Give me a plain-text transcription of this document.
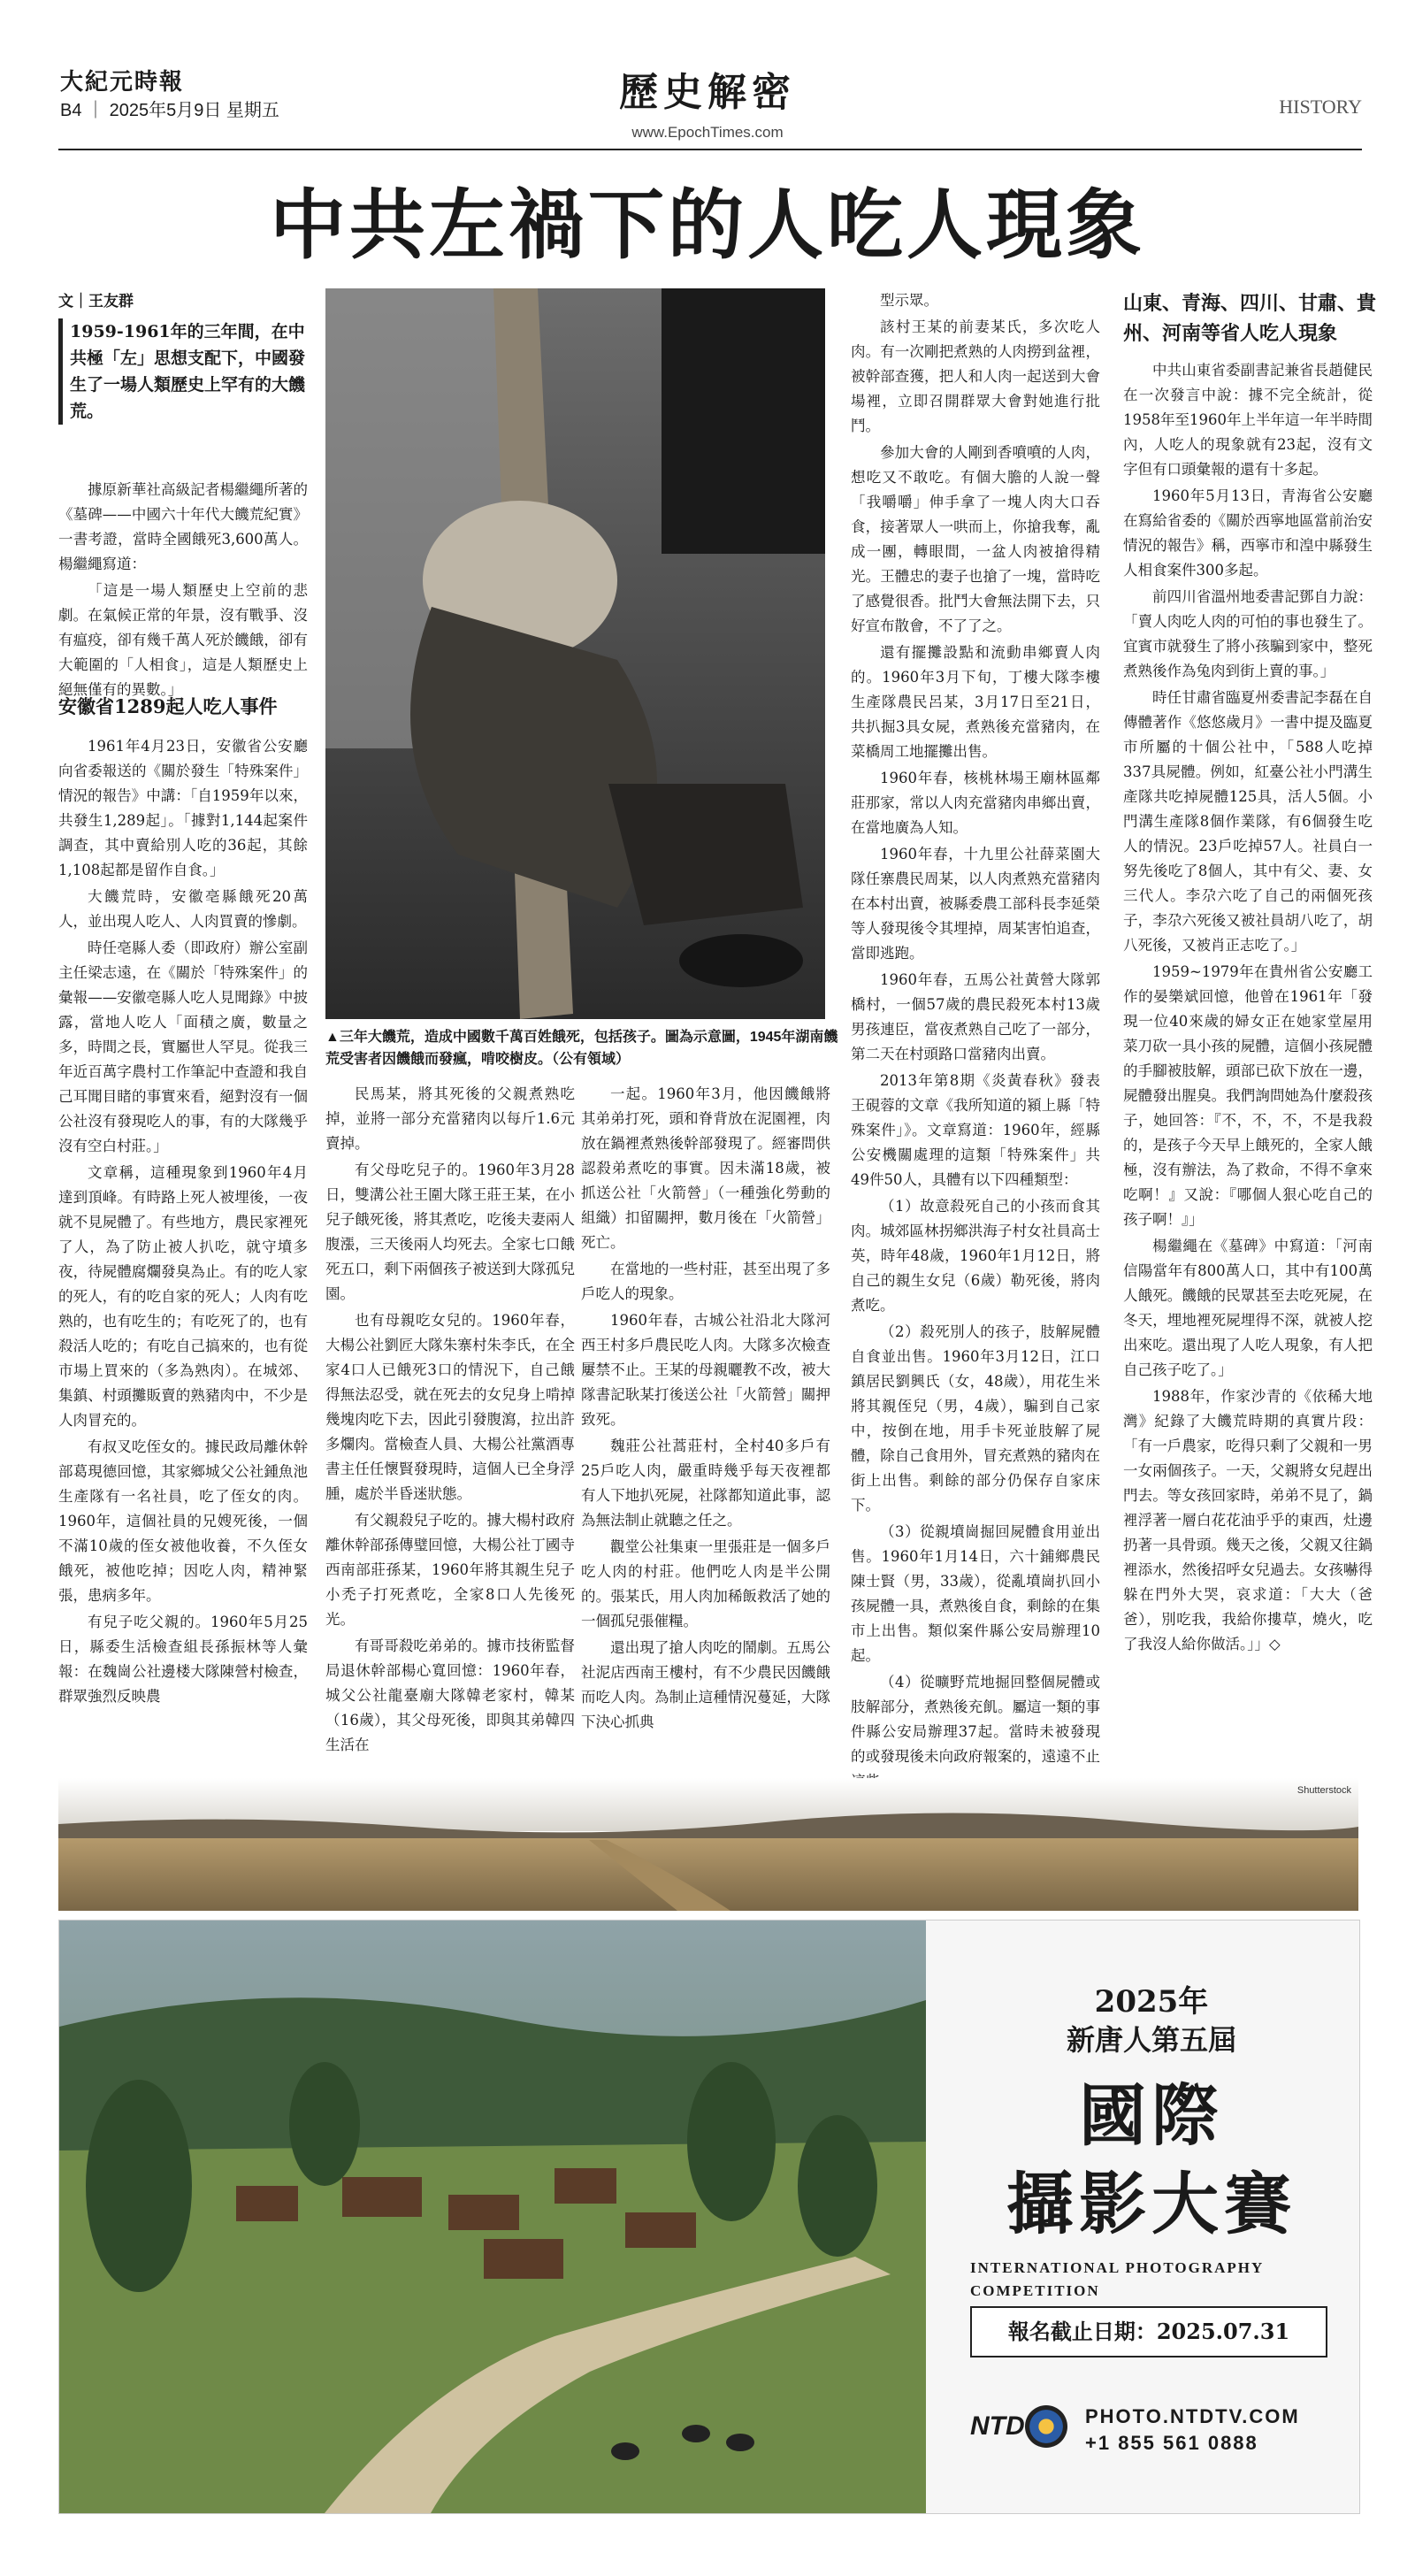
大紀元時報
B4 ｜ 2025年5月9日 星期五	歷史解密
www.EpochTimes.com
HISTORY
中共左禍下的人吃人現象
文｜王友群
1959-1961年的三年間，在中共極「左」思想支配下，中國發生了一場人類歷史上罕有的大饑荒。

據原新華社高級記者楊繼繩所著的《墓碑——中國六十年代大饑荒紀實》一書考證，當時全國餓死3,600萬人。楊繼繩寫道：

「這是一場人類歷史上空前的悲劇。在氣候正常的年景，沒有戰爭、沒有瘟疫，卻有幾千萬人死於饑餓，卻有大範圍的「人相食」，這是人類歷史上絕無僅有的異數。」

安徽省1289起人吃人事件

1961年4月23日，安徽省公安廳向省委報送的《關於發生「特殊案件」情況的報告》中講：「自1959年以來，共發生1,289起」。「據對1,144起案件調查，其中賣給別人吃的36起，其餘1,108起都是留作自食。」

大饑荒時，安徽亳縣餓死20萬人，並出現人吃人、人肉買賣的慘劇。

時任亳縣人委（即政府）辦公室副主任梁志遠，在《關於「特殊案件」的彙報——安徽亳縣人吃人見聞錄》中披露，當地人吃人「面積之廣，數量之多，時間之長，實屬世人罕見。從我三年近百萬字農村工作筆記中查證和我自己耳聞目睹的事實來看，絕對沒有一個公社沒有發現吃人的事，有的大隊幾乎沒有空白村莊。」

文章稱，這種現象到1960年4月達到頂峰。有時路上死人被埋後，一夜就不見屍體了。有些地方，農民家裡死了人，為了防止被人扒吃，就守墳多夜，待屍體腐爛發臭為止。有的吃人家的死人，有的吃自家的死人；人肉有吃熟的，也有吃生的；有吃死了的，也有殺活人吃的；有吃自己搞來的，也有從市場上買來的（多為熟肉）。在城郊、集鎮、村頭攤販賣的熟豬肉中，不少是人肉冒充的。

有叔叉吃侄女的。據民政局離休幹部葛現德回憶，其家鄉城父公社鍾魚池生產隊有一名社員，吃了侄女的肉。1960年，這個社員的兄嫂死後，一個不滿10歲的侄女被他收養，不久侄女餓死，被他吃掉；因吃人肉，精神緊張，患病多年。

有兒子吃父親的。1960年5月25日，縣委生活檢查組長孫振林等人彙報：在魏崗公社邊楼大隊陳營村檢查，群眾強烈反映農

▲三年大饑荒，造成中國數千萬百姓餓死，包括孩子。圖為示意圖，1945年湖南饑荒受害者因饑餓而發瘋，啃咬樹皮。（公有領域）

民馬某，將其死後的父親煮熟吃掉，並將一部分充當豬肉以每斤1.6元賣掉。

有父母吃兒子的。1960年3月28日，雙溝公社王圍大隊王莊王某，在小兒子餓死後，將其煮吃，吃後夫妻兩人腹漲，三天後兩人均死去。全家七口餓死五口，剩下兩個孩子被送到大隊孤兒園。

也有母親吃女兒的。1960年春，大楊公社劉匠大隊朱寨村朱李氏，在全家4口人已餓死3口的情況下，自己餓得無法忍受，就在死去的女兒身上啃掉幾塊肉吃下去，因此引發腹瀉，拉出許多爛肉。當檢查人員、大楊公社黨酒專書主任任懷賢發現時，這個人已全身浮腫，處於半昏迷狀態。

有父親殺兒子吃的。據大楊村政府離休幹部孫傳璧回憶，大楊公社丁國寺西南部莊孫某，1960年將其親生兒子小禿子打死煮吃，全家8口人先後死光。

有哥哥殺吃弟弟的。據市技術監督局退休幹部楊心寬回憶：1960年春，城父公社龍臺廟大隊韓老家村，韓某（16歲），其父母死後，即與其弟韓四生活在

一起。1960年3月，他因饑餓將其弟弟打死，頭和脊背放在泥園裡，肉放在鍋裡煮熟後幹部發現了。經審問供認殺弟煮吃的事實。因未滿18歲，被抓送公社「火箭營」（一種強化勞動的組織）扣留關押，數月後在「火箭營」死亡。

在當地的一些村莊，甚至出現了多戶吃人的現象。

1960年春，古城公社沿北大隊河西王村多戶農民吃人肉。大隊多次檢查屢禁不止。王某的母親曬教不改，被大隊書記耿某打後送公社「火箭營」關押致死。

魏莊公社蒿莊村，全村40多戶有25戶吃人肉，嚴重時幾乎每天夜裡都有人下地扒死屍，社隊都知道此事，認為無法制止就聽之任之。

觀堂公社集東一里張莊是一個多戶吃人肉的村莊。他們吃人肉是半公開的。張某氏，用人肉加稀飯救活了她的一個孤兒張催糧。

還出現了搶人肉吃的鬧劇。五馬公社泥店西南王樓村，有不少農民因饑餓而吃人肉。為制止這種情況蔓延，大隊下決心抓典

型示眾。

該村王某的前妻某氏，多次吃人肉。有一次剛把煮熟的人肉撈到盆裡，被幹部查獲，把人和人肉一起送到大會場裡，立即召開群眾大會對她進行批鬥。

參加大會的人剛到香噴噴的人肉，想吃又不敢吃。有個大膽的人說一聲「我嚼嚼」伸手拿了一塊人肉大口吞食，接著眾人一哄而上，你搶我奪，亂成一團，轉眼間，一盆人肉被搶得精光。王體忠的妻子也搶了一塊，當時吃了感覺很香。批鬥大會無法開下去，只好宣布散會，不了了之。

還有擺攤設點和流動串鄉賣人肉的。1960年3月下旬，丁樓大隊李樓生產隊農民呂某，3月17日至21日，共扒掘3具女屍，煮熟後充當豬肉，在菜橋周工地擺攤出售。

1960年春，核桃林場王廟林區鄰莊那家，常以人肉充當豬肉串鄉出賣，在當地廣為人知。

1960年春，十九里公社薛菜園大隊任寨農民周某，以人肉煮熟充當豬肉在本村出賣，被縣委農工部科長李延榮等人發現後令其埋掉，周某害怕追查，當即逃跑。

1960年春，五馬公社黃營大隊郭橋村，一個57歲的農民殺死本村13歲男孩連臣，當夜煮熟自己吃了一部分，第二天在村頭路口當豬肉出賣。

2013年第8期《炎黃春秋》發表王硯蓉的文章《我所知道的潁上縣「特殊案件」》。文章寫道：1960年，經縣公安機關處理的這類「特殊案件」共49件50人，具體有以下四種類型：

（1）故意殺死自己的小孩而食其肉。城郊區林拐鄉洪海子村女社員高士英，時年48歲，1960年1月12日，將自己的親生女兒（6歲）勒死後，將肉煮吃。

（2）殺死別人的孩子，肢解屍體自食並出售。1960年3月12日，江口鎮居民劉興氏（女，48歲），用花生米將其親侄兒（男，4歲），騙到自己家中，按倒在地，用手卡死並肢解了屍體，除自己食用外，冒充煮熟的豬肉在街上出售。剩餘的部分仍保存自家床下。

（3）從親墳崗掘回屍體食用並出售。1960年1月14日，六十鋪鄉農民陳士賢（男，33歲），從亂墳崗扒回小孩屍體一具，煮熟後自食，剩餘的在集市上出售。類似案件縣公安局辦理10起。

（4）從曠野荒地掘回整個屍體或肢解部分，煮熟後充飢。屬這一類的事件縣公安局辦理37起。當時未被發現的或發現後未向政府報案的，遠遠不止

山東、青海、四川、甘肅、貴州、河南等省人吃人現象

中共山東省委副書記兼省長趙健民在一次發言中說：據不完全統計，從1958年至1960年上半年這一年半時間內，人吃人的現象就有23起，沒有文字但有口頭彙報的還有十多起。

1960年5月13日，青海省公安廳在寫給省委的《關於西寧地區當前治安情況的報告》稱，西寧市和湟中縣發生人相食案件300多起。

前四川省溫州地委書記鄧自力說：「賣人肉吃人肉的可怕的事也發生了。宜賓市就發生了將小孩騙到家中，整死煮熟後作為兔肉到街上賣的事。」

時任甘肅省臨夏州委書記李磊在自傳體著作《悠悠歲月》一書中提及臨夏市所屬的十個公社中，「588人吃掉337具屍體。例如，紅臺公社小門溝生產隊共吃掉屍體125具，活人5個。小門溝生產隊8個作業隊，有6個發生吃人的情況。23戶吃掉57人。社員白一努先後吃了8個人，其中有父、妻、女三代人。李尕六吃了自己的兩個死孩子，李尕六死後又被社員胡八吃了，胡八死後，又被肖正志吃了。」

1959~1979年在貴州省公安廳工作的晏樂斌回憶，他曾在1961年「發現一位40來歲的婦女正在她家堂屋用菜刀砍一具小孩的屍體，這個小孩屍體的手腳被肢解，頭部已砍下放在一邊，屍體發出腥臭。我們詢問她為什麼殺孩子，她回答：『不，不，不，不是我殺的，是孩子今天早上餓死的，全家人餓極，沒有辦法，為了救命，不得不拿來吃啊！』又說：『哪個人狠心吃自己的孩子啊！』」

楊繼繩在《墓碑》中寫道：「河南信陽當年有800萬人口，其中有100萬人餓死。饑餓的民眾甚至去吃死屍，在冬天，埋地裡死屍埋得不深，就被人挖出來吃。還出現了人吃人現象，有人把自己孩子吃了。」

1988年，作家沙青的《依稀大地灣》紀錄了大饑荒時期的真實片段：「有一戶農家，吃得只剩了父親和一男一女兩個孩子。一天，父親將女兒趕出門去。等女孩回家時，弟弟不見了，鍋裡浮著一層白花花油乎乎的東西，灶邊扔著一具骨頭。幾天之後，父親又往鍋裡添水，然後招呼女兒過去。女孩嚇得躲在門外大哭，哀求道：「大大（爸爸），別吃我，我給你摟草，燒火，吃了我沒人給你做活。」」◇

Shutterstock
2025年
新唐人第五屆
國際
攝影大賽
INTERNATIONAL PHOTOGRAPHY
COMPETITION
報名截止日期：2025.07.31
NTD	PHOTO.NTDTV.COM
+1 855 561 0888
